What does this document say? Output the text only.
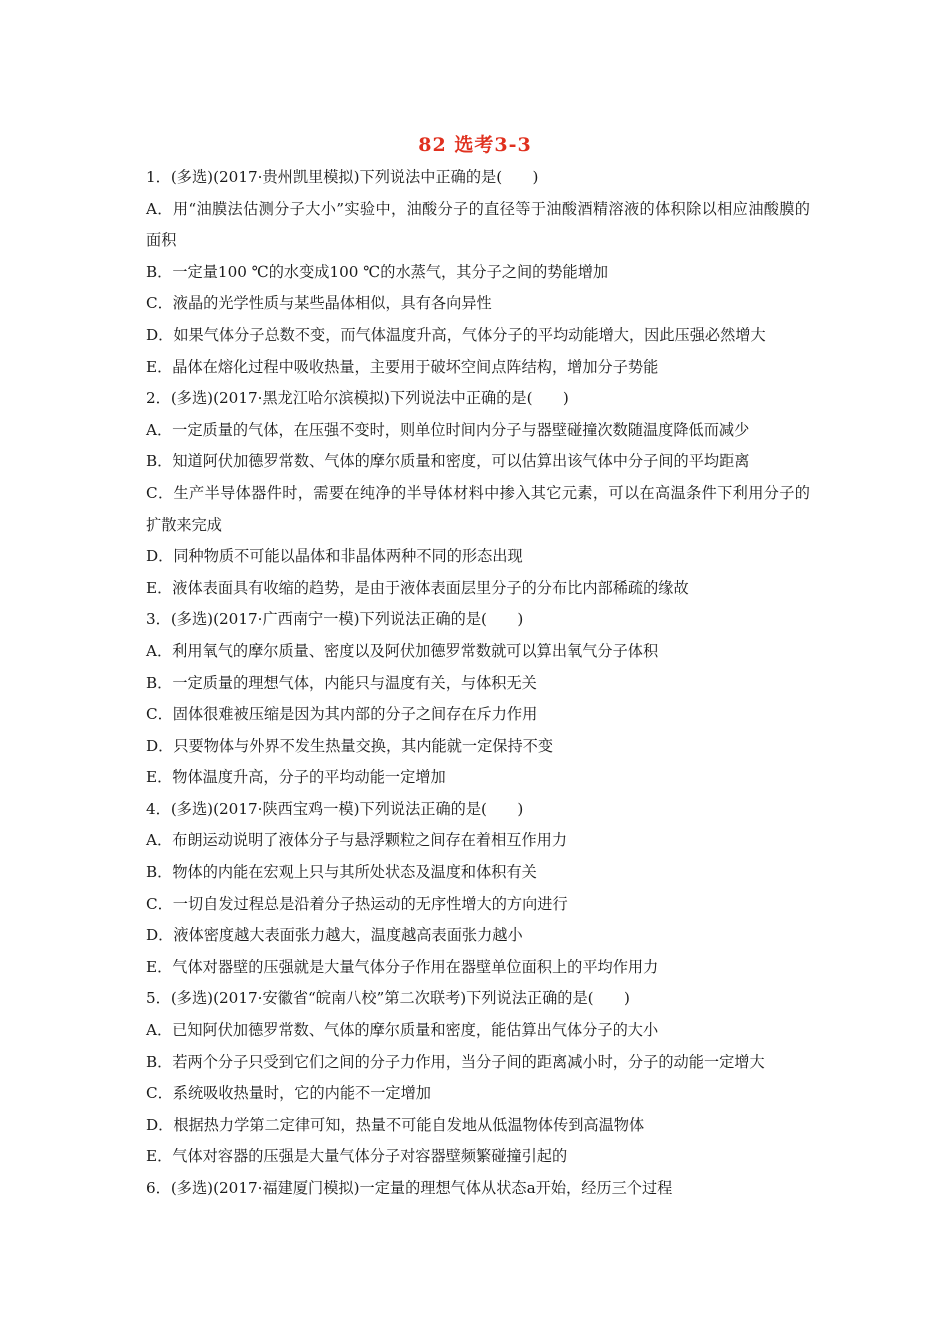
82 选考3-3

1．(多选)(2017·贵州凯里模拟)下列说法中正确的是(　　)

A．用“油膜法估测分子大小”实验中，油酸分子的直径等于油酸酒精溶液的体积除以相应油酸膜的面积

B．一定量100 ℃的水变成100 ℃的水蒸气，其分子之间的势能增加

C．液晶的光学性质与某些晶体相似，具有各向异性

D．如果气体分子总数不变，而气体温度升高，气体分子的平均动能增大，因此压强必然增大

E．晶体在熔化过程中吸收热量，主要用于破坏空间点阵结构，增加分子势能

2．(多选)(2017·黑龙江哈尔滨模拟)下列说法中正确的是(　　)

A．一定质量的气体，在压强不变时，则单位时间内分子与器壁碰撞次数随温度降低而减少

B．知道阿伏加德罗常数、气体的摩尔质量和密度，可以估算出该气体中分子间的平均距离

C．生产半导体器件时，需要在纯净的半导体材料中掺入其它元素，可以在高温条件下利用分子的扩散来完成

D．同种物质不可能以晶体和非晶体两种不同的形态出现

E．液体表面具有收缩的趋势，是由于液体表面层里分子的分布比内部稀疏的缘故

3．(多选)(2017·广西南宁一模)下列说法正确的是(　　)

A．利用氧气的摩尔质量、密度以及阿伏加德罗常数就可以算出氧气分子体积

B．一定质量的理想气体，内能只与温度有关，与体积无关

C．固体很难被压缩是因为其内部的分子之间存在斥力作用

D．只要物体与外界不发生热量交换，其内能就一定保持不变

E．物体温度升高，分子的平均动能一定增加

4．(多选)(2017·陕西宝鸡一模)下列说法正确的是(　　)

A．布朗运动说明了液体分子与悬浮颗粒之间存在着相互作用力

B．物体的内能在宏观上只与其所处状态及温度和体积有关

C．一切自发过程总是沿着分子热运动的无序性增大的方向进行

D．液体密度越大表面张力越大，温度越高表面张力越小

E．气体对器壁的压强就是大量气体分子作用在器壁单位面积上的平均作用力

5．(多选)(2017·安徽省“皖南八校”第二次联考)下列说法正确的是(　　)

A．已知阿伏加德罗常数、气体的摩尔质量和密度，能估算出气体分子的大小

B．若两个分子只受到它们之间的分子力作用，当分子间的距离减小时，分子的动能一定增大

C．系统吸收热量时，它的内能不一定增加

D．根据热力学第二定律可知，热量不可能自发地从低温物体传到高温物体

E．气体对容器的压强是大量气体分子对容器壁频繁碰撞引起的

6．(多选)(2017·福建厦门模拟)一定量的理想气体从状态a开始，经历三个过程
